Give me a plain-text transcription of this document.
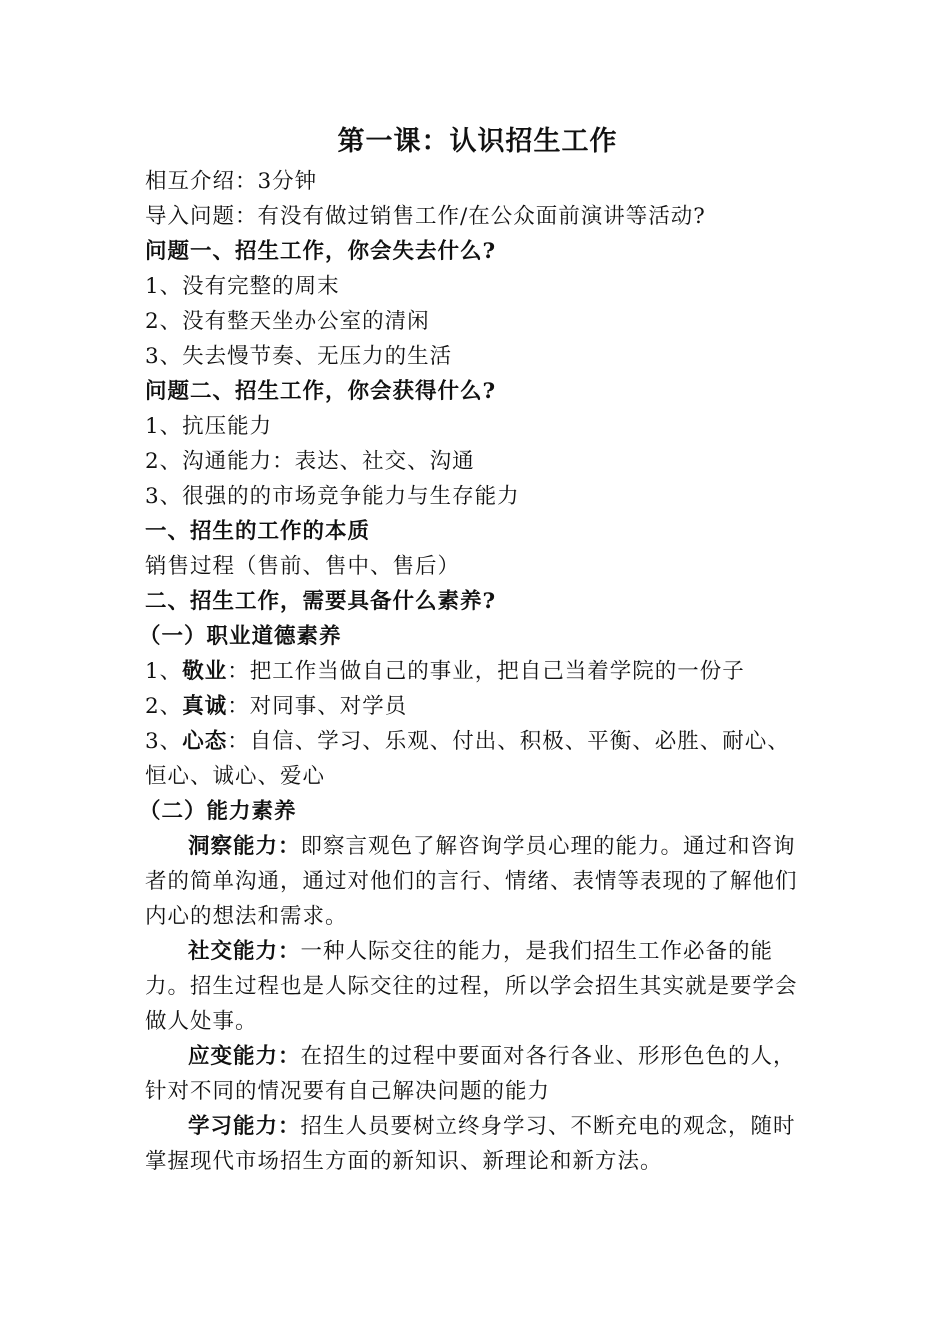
第一课：认识招生工作

相互介绍：3分钟

导入问题：有没有做过销售工作/在公众面前演讲等活动?

问题一、招生工作，你会失去什么?

1、没有完整的周末

2、没有整天坐办公室的清闲

3、失去慢节奏、无压力的生活

问题二、招生工作，你会获得什么?

1、抗压能力

2、沟通能力：表达、社交、沟通

3、很强的的市场竞争能力与生存能力

一、招生的工作的本质

销售过程（售前、售中、售后）

二、招生工作，需要具备什么素养?

（一）职业道德素养

1、敬业：把工作当做自己的事业，把自己当着学院的一份子

2、真诚：对同事、对学员

3、心态：自信、学习、乐观、付出、积极、平衡、必胜、耐心、恒心、诚心、爱心

（二）能力素养

洞察能力：即察言观色了解咨询学员心理的能力。通过和咨询者的简单沟通，通过对他们的言行、情绪、表情等表现的了解他们内心的想法和需求。

社交能力：一种人际交往的能力，是我们招生工作必备的能力。招生过程也是人际交往的过程，所以学会招生其实就是要学会做人处事。

应变能力：在招生的过程中要面对各行各业、形形色色的人，针对不同的情况要有自己解决问题的能力

学习能力：招生人员要树立终身学习、不断充电的观念，随时掌握现代市场招生方面的新知识、新理论和新方法。
